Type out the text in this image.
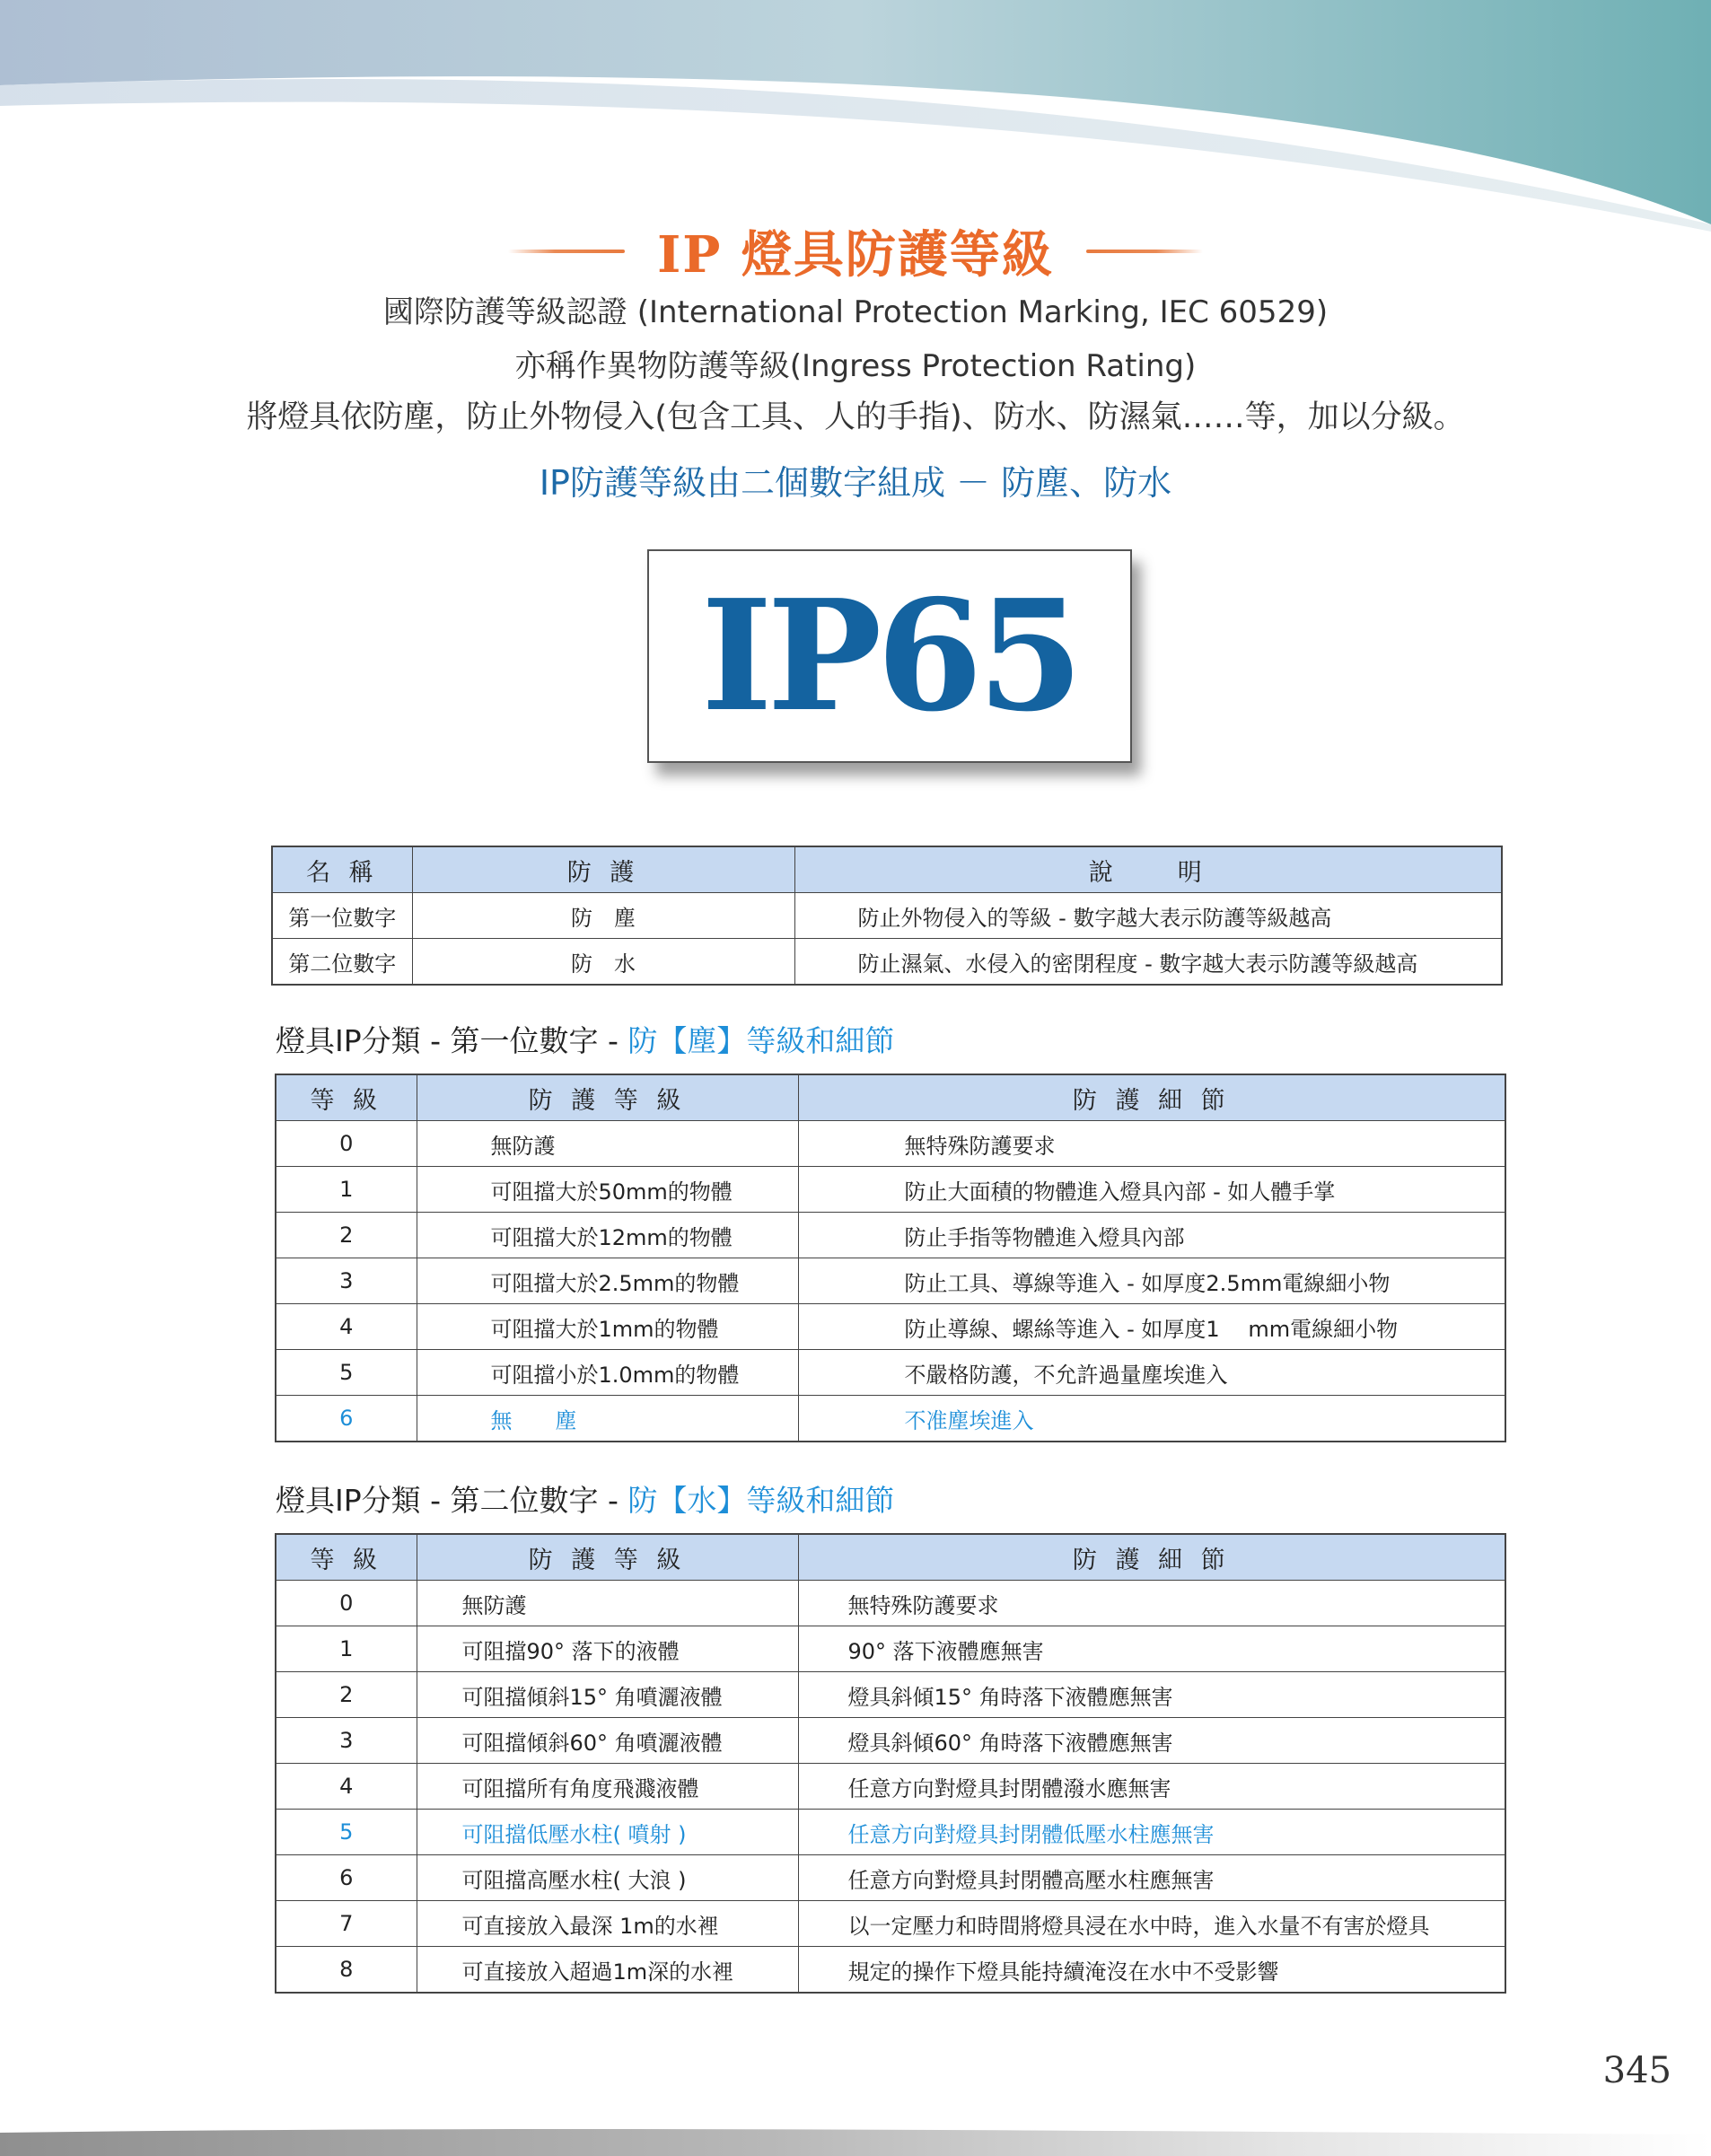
IP 燈具防護等級
國際防護等級認證 (International Protection Marking, IEC 60529)
亦稱作異物防護等級(Ingress Protection Rating)
將燈具依防塵，防止外物侵入(包含工具、人的手指)、防水、防濕氣……等，加以分級。
IP防護等級由二個數字組成 － 防塵、防水
IP65
名 稱	防 護	說　　明
第一位數字	防　塵	防止外物侵入的等級 - 數字越大表示防護等級越高
第二位數字	防　水	防止濕氣、水侵入的密閉程度 - 數字越大表示防護等級越高
燈具IP分類 - 第一位數字 - 防【塵】等級和細節
等 級	防 護 等 級	防 護 細 節
0	無防護	無特殊防護要求
1	可阻擋大於50mm的物體	防止大面積的物體進入燈具內部 - 如人體手掌
2	可阻擋大於12mm的物體	防止手指等物體進入燈具內部
3	可阻擋大於2.5mm的物體	防止工具、導線等進入 - 如厚度2.5mm電線細小物
4	可阻擋大於1mm的物體	防止導線、螺絲等進入 - 如厚度1　 mm電線細小物
5	可阻擋小於1.0mm的物體	不嚴格防護，不允許過量塵埃進入
6	無　　塵	不准塵埃進入
燈具IP分類 - 第二位數字 - 防【水】等級和細節
等 級	防 護 等 級	防 護 細 節
0	無防護	無特殊防護要求
1	可阻擋90° 落下的液體	90° 落下液體應無害
2	可阻擋傾斜15° 角噴灑液體	燈具斜傾15° 角時落下液體應無害
3	可阻擋傾斜60° 角噴灑液體	燈具斜傾60° 角時落下液體應無害
4	可阻擋所有角度飛濺液體	任意方向對燈具封閉體潑水應無害
5	可阻擋低壓水柱( 噴射 )	任意方向對燈具封閉體低壓水柱應無害
6	可阻擋高壓水柱( 大浪 )	任意方向對燈具封閉體高壓水柱應無害
7	可直接放入最深 1m的水裡	以一定壓力和時間將燈具浸在水中時，進入水量不有害於燈具
8	可直接放入超過1m深的水裡	規定的操作下燈具能持續淹沒在水中不受影響
345
